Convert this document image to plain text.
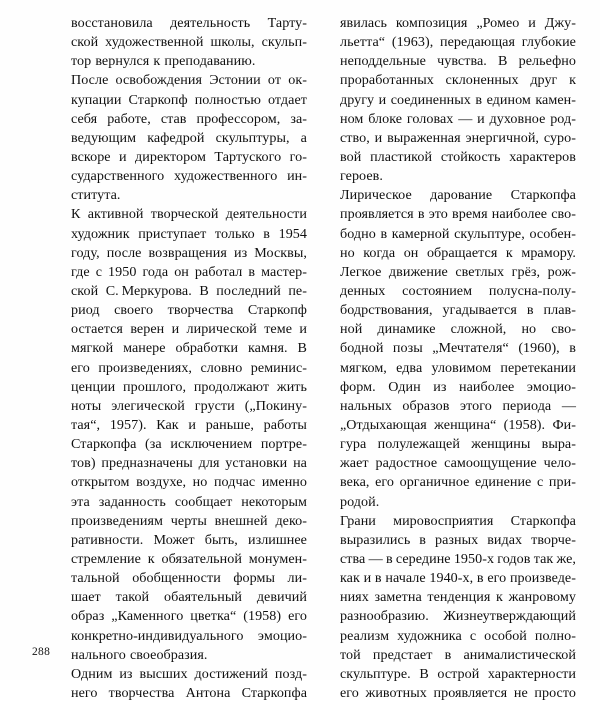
восстановила деятельность Тарту-
ской художественной школы, скульп-
тор вернулся к преподаванию.
После освобождения Эстонии от ок-
купации Старкопф полностью отдает
себя работе, став профессором, за-
ведующим кафедрой скульптуры, а
вскоре и директором Тартуского го-
сударственного художественного ин-
ститута.
К активной творческой деятельности
художник приступает только в 1954
году, после возвращения из Москвы,
где с 1950 года он работал в мастер-
ской С. Меркурова. В последний пе-
риод своего творчества Старкопф
остается верен и лирической теме и
мягкой манере обработки камня. В
его произведениях, словно реминис-
ценции прошлого, продолжают жить
ноты элегической грусти („Покину-
тая“, 1957). Как и раньше, работы
Старкопфа (за исключением портре-
тов) предназначены для установки на
открытом воздухе, но подчас именно
эта заданность сообщает некоторым
произведениям черты внешней деко-
ративности. Может быть, излишнее
стремление к обязательной монумен-
тальной обобщенности формы ли-
шает такой обаятельный девичий
образ „Каменного цветка“ (1958) его
конкретно-индивидуального эмоцио-
нального своеобразия.
Одним из высших достижений позд-
него творчества Антона Старкопфа
явилась композиция „Ромео и Джу-
льетта“ (1963), передающая глубокие
неподдельные чувства. В рельефно
проработанных склоненных друг к
другу и соединенных в едином камен-
ном блоке головах — и духовное род-
ство, и выраженная энергичной, суро-
вой пластикой стойкость характеров
героев.
Лирическое дарование Старкопфа
проявляется в это время наиболее сво-
бодно в камерной скульптуре, особен-
но когда он обращается к мрамору.
Легкое движение светлых грёз, рож-
денных состоянием полусна-полу-
бодрствования, угадывается в плав-
ной динамике сложной, но сво-
бодной позы „Мечтателя“ (1960), в
мягком, едва уловимом перетекании
форм. Один из наиболее эмоцио-
нальных образов этого периода —
„Отдыхающая женщина“ (1958). Фи-
гура полулежащей женщины выра-
жает радостное самоощущение чело-
века, его органичное единение с при-
родой.
Грани мировосприятия Старкопфа
выразились в разных видах творче-
ства — в середине 1950-х годов так же,
как и в начале 1940-х, в его произведе-
ниях заметна тенденция к жанровому
разнообразию. Жизнеутверждающий
реализм художника с особой полно-
той предстает в анималистической
скульптуре. В острой характерности
его животных проявляется не просто
288
